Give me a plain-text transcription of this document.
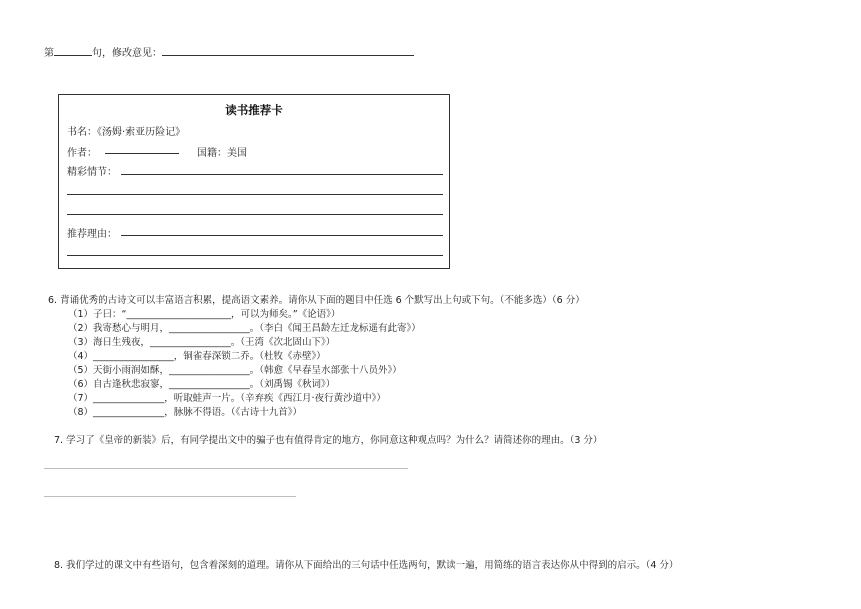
第	句，修改意见：
读书推荐卡
书名：《汤姆·索亚历险记》
作者：	国籍：美国
精彩情节：
推荐理由：
6. 背诵优秀的古诗文可以丰富语言积累，提高语文素养。请你从下面的题目中任选 6 个默写出上句或下句。（不能多选）（6 分）
（1）子曰：“______________________，可以为师矣。”《论语》）
（2）我寄愁心与明月，_________________。（李白《闻王昌龄左迁龙标遥有此寄》）
（3）海日生残夜，_________________。（王湾《次北固山下》）
（4）_________________，铜雀春深锁二乔。（杜牧《赤壁》）
（5）天街小雨润如酥，_________________。（韩愈《早春呈水部张十八员外》）
（6）自古逢秋悲寂寥，_________________。（刘禹锡《秋词》）
（7）_______________，听取蛙声一片。（辛弃疾《西江月·夜行黄沙道中》）
（8）_______________，脉脉不得语。（《古诗十九首》）
7. 学习了《皇帝的新装》后，有同学提出文中的骗子也有值得肯定的地方，你同意这种观点吗？为什么？请简述你的理由。（3 分）
8. 我们学过的课文中有些语句，包含着深刻的道理。请你从下面给出的三句话中任选两句，默读一遍，用简练的语言表达你从中得到的启示。（4 分）
